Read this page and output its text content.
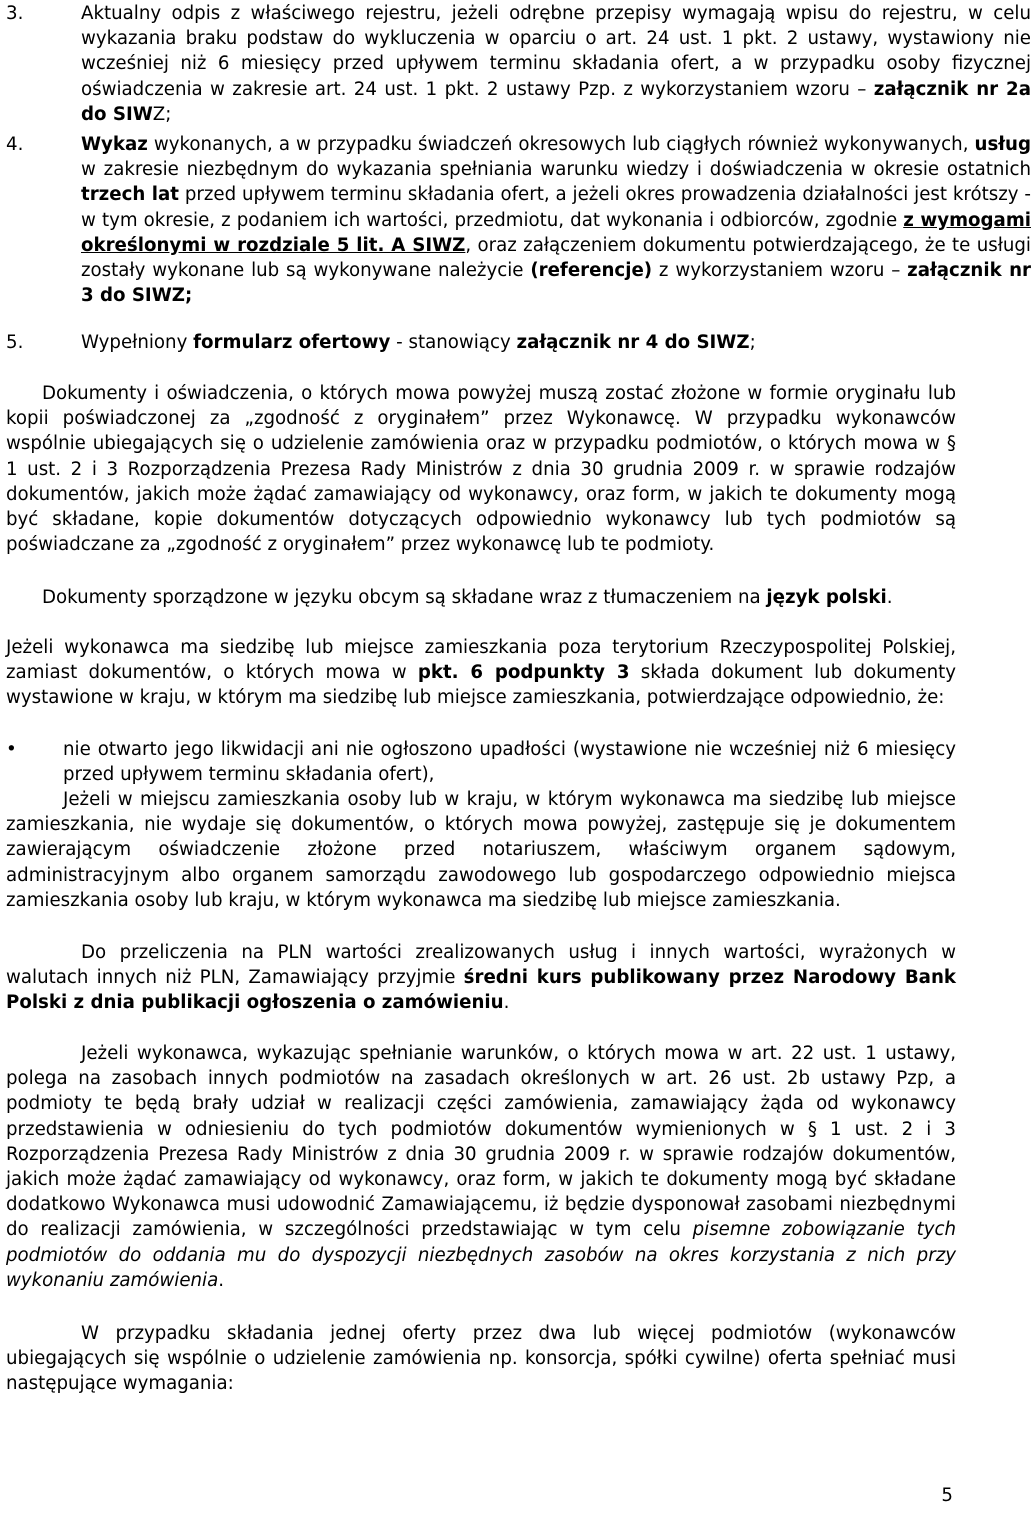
3.	Aktualny odpis z właściwego rejestru, jeżeli odrębne przepisy wymagają wpisu do rejestru, w celu wykazania braku podstaw do wykluczenia w oparciu o art. 24 ust. 1 pkt. 2 ustawy, wystawiony nie wcześniej niż 6 miesięcy przed upływem terminu składania ofert, a w przypadku osoby fizycznej oświadczenia w zakresie art. 24 ust. 1 pkt. 2 ustawy Pzp. z wykorzystaniem wzoru – załącznik nr 2a do SIWZ;

4.	Wykaz wykonanych, a w przypadku świadczeń okresowych lub ciągłych również wykonywanych, usług w zakresie niezbędnym do wykazania spełniania warunku wiedzy i doświadczenia w okresie ostatnich trzech lat przed upływem terminu składania ofert, a jeżeli okres prowadzenia działalności jest krótszy - w tym okresie, z podaniem ich wartości, przedmiotu, dat wykonania i odbiorców, zgodnie z wymogami określonymi w rozdziale 5 lit. A SIWZ, oraz załączeniem dokumentu potwierdzającego, że te usługi zostały wykonane lub są wykonywane należycie (referencje) z wykorzystaniem wzoru – załącznik nr 3 do SIWZ;

5.	Wypełniony formularz ofertowy - stanowiący załącznik nr 4 do SIWZ;

Dokumenty i oświadczenia, o których mowa powyżej muszą zostać złożone w formie oryginału lub kopii poświadczonej za „zgodność z oryginałem” przez Wykonawcę. W przypadku wykonawców wspólnie ubiegających się o udzielenie zamówienia oraz w przypadku podmiotów, o których mowa w § 1 ust. 2 i 3 Rozporządzenia Prezesa Rady Ministrów z dnia 30 grudnia 2009 r. w sprawie rodzajów dokumentów, jakich może żądać zamawiający od wykonawcy, oraz form, w jakich te dokumenty mogą być składane, kopie dokumentów dotyczących odpowiednio wykonawcy lub tych podmiotów są poświadczane za „zgodność z oryginałem” przez wykonawcę lub te podmioty.

Dokumenty sporządzone w języku obcym są składane wraz z tłumaczeniem na język polski.

Jeżeli wykonawca ma siedzibę lub miejsce zamieszkania poza terytorium Rzeczypospolitej Polskiej, zamiast dokumentów, o których mowa w pkt. 6 podpunkty 3 składa dokument lub dokumenty wystawione w kraju, w którym ma siedzibę lub miejsce zamieszkania, potwierdzające odpowiednio, że:

•	nie otwarto jego likwidacji ani nie ogłoszono upadłości (wystawione nie wcześniej niż 6 miesięcy przed upływem terminu składania ofert),

Jeżeli w miejscu zamieszkania osoby lub w kraju, w którym wykonawca ma siedzibę lub miejsce zamieszkania, nie wydaje się dokumentów, o których mowa powyżej, zastępuje się je dokumentem zawierającym oświadczenie złożone przed notariuszem, właściwym organem sądowym, administracyjnym albo organem samorządu zawodowego lub gospodarczego odpowiednio miejsca zamieszkania osoby lub kraju, w którym wykonawca ma siedzibę lub miejsce zamieszkania.

Do przeliczenia na PLN wartości zrealizowanych usług i innych wartości, wyrażonych w walutach innych niż PLN, Zamawiający przyjmie średni kurs publikowany przez Narodowy Bank Polski z dnia publikacji ogłoszenia o zamówieniu.

Jeżeli wykonawca, wykazując spełnianie warunków, o których mowa w art. 22 ust. 1 ustawy, polega na zasobach innych podmiotów na zasadach określonych w art. 26 ust. 2b ustawy Pzp, a podmioty te będą brały udział w realizacji części zamówienia, zamawiający żąda od wykonawcy przedstawienia w odniesieniu do tych podmiotów dokumentów wymienionych w § 1 ust. 2 i 3 Rozporządzenia Prezesa Rady Ministrów z dnia 30 grudnia 2009 r. w sprawie rodzajów dokumentów, jakich może żądać zamawiający od wykonawcy, oraz form, w jakich te dokumenty mogą być składane dodatkowo Wykonawca musi udowodnić Zamawiającemu, iż będzie dysponował zasobami niezbędnymi do realizacji zamówienia, w szczególności przedstawiając w tym celu pisemne zobowiązanie tych podmiotów do oddania mu do dyspozycji niezbędnych zasobów na okres korzystania z nich przy wykonaniu zamówienia.

W przypadku składania jednej oferty przez dwa lub więcej podmiotów (wykonawców ubiegających się wspólnie o udzielenie zamówienia np. konsorcja, spółki cywilne) oferta spełniać musi następujące wymagania:

5
